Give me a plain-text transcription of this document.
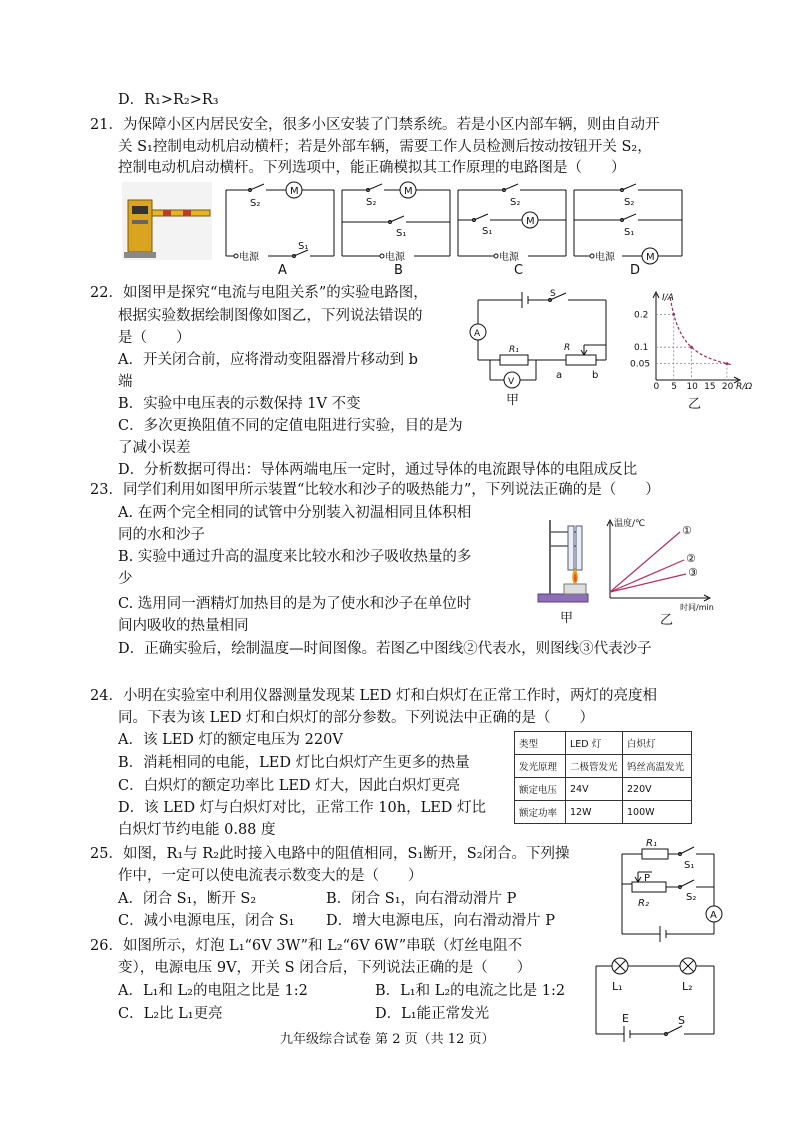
D．R₁>R₂>R₃
21．为保障小区内居民安全，很多小区安装了门禁系统。若是小区内部车辆，则由自动开
关 S₁控制电动机启动横杆；若是外部车辆，需要工作人员检测后按动按钮开关 S₂，
控制电动机启动横杆。下列选项中，能正确模拟其工作原理的电路图是（　　）
M
S₂
电源
S₁
A
M
S₂
S₁
电源
B
S₂
M
S₁
电源
C
S₂
S₁
电源	M
D
22．如图甲是探究“电流与电阻关系”的实验电路图，
根据实验数据绘制图像如图乙，下列说法错误的
是（　　）
A．开关闭合前，应将滑动变阻器滑片移动到 b
端
B．实验中电压表的示数保持 1V 不变
C．多次更换阻值不同的定值电阻进行实验，目的是为
了减小误差
D．分析数据可得出：导体两端电压一定时，通过导体的电流跟导体的电阻成反比
S
A
R₁	R
V
a	b
甲
I/A
R/Ω
0.2
0.1
0.05
0 5 10 15 20
乙
23．同学们利用如图甲所示装置“比较水和沙子的吸热能力”，下列说法正确的是（　　）
A. 在两个完全相同的试管中分别装入初温相同且体积相
同的水和沙子
B. 实验中通过升高的温度来比较水和沙子吸收热量的多
少
C. 选用同一酒精灯加热目的是为了使水和沙子在单位时
间内吸收的热量相同
D．正确实验后，绘制温度—时间图像。若图乙中图线②代表水，则图线③代表沙子
甲
温度/℃
时间/min
①
②
③
乙
24．小明在实验室中利用仪器测量发现某 LED 灯和白炽灯在正常工作时，两灯的亮度相
同。下表为该 LED 灯和白炽灯的部分参数。下列说法中正确的是（　　）
A．该 LED 灯的额定电压为 220V
B．消耗相同的电能，LED 灯比白炽灯产生更多的热量
C．白炽灯的额定功率比 LED 灯大，因此白炽灯更亮
D．该 LED 灯与白炽灯对比，正常工作 10h，LED 灯比
白炽灯节约电能 0.88 度
类型	LED 灯	白炽灯
发光原理	二极管发光	钨丝高温发光
额定电压	24V	220V
额定功率	12W	100W
25．如图，R₁与 R₂此时接入电路中的阻值相同，S₁断开，S₂闭合。下列操
作中，一定可以使电流表示数变大的是（　　）
A．闭合 S₁，断开 S₂	B．闭合 S₁，向右滑动滑片 P
C．减小电源电压，闭合 S₁ D．增大电源电压，向右滑动滑片 P
R₁
S₁
P
R₂
S₂
A
26．如图所示，灯泡 L₁“6V 3W”和 L₂“6V 6W”串联（灯丝电阻不
变），电源电压 9V，开关 S 闭合后，下列说法正确的是（　　）
A．L₁和 L₂的电阻之比是 1:2	B．L₁和 L₂的电流之比是 1:2
C．L₂比 L₁更亮	D．L₁能正常发光
L₁	L₂
E	S
九年级综合试卷 第 2 页（共 12 页）
